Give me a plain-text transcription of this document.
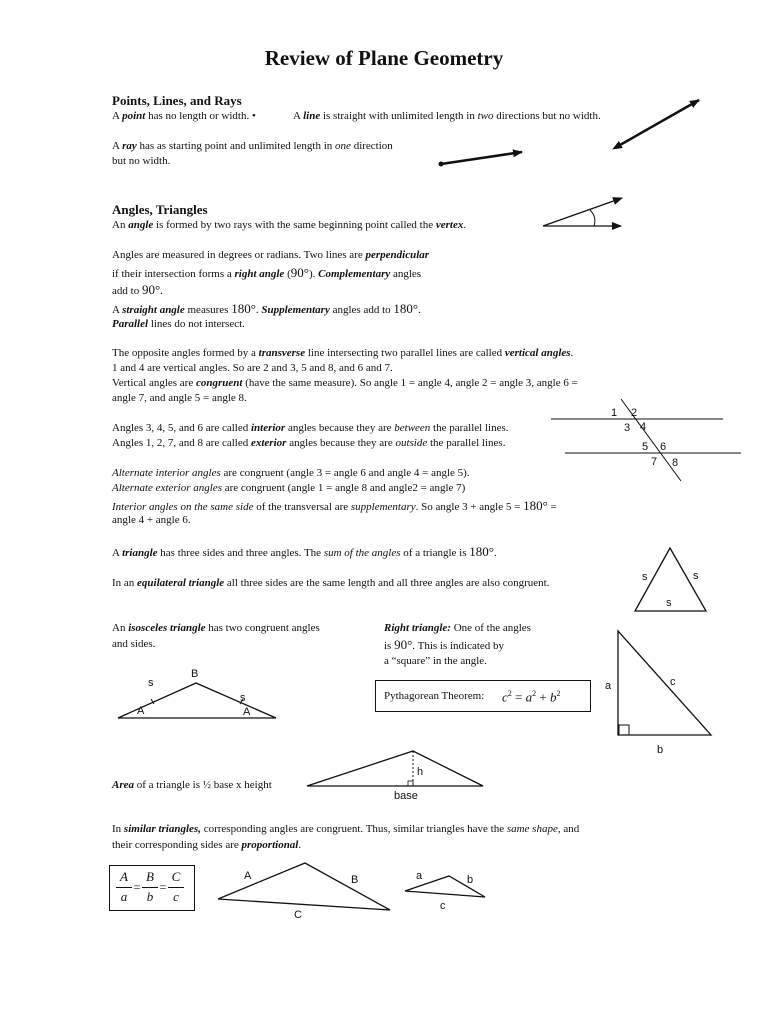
Review of Plane Geometry
Points, Lines, and Rays
A point has no length or width. •	A line is straight with unlimited length in two directions but no width.
A ray has as starting point and unlimited length in one direction
but no width.
Angles, Triangles
An angle is formed by two rays with the same beginning point called the vertex.
Angles are measured in degrees or radians. Two lines are perpendicular
if their intersection forms a right angle (90°). Complementary angles
add to 90°.
A straight angle measures 180°. Supplementary angles add to 180°.
Parallel lines do not intersect.
The opposite angles formed by a transverse line intersecting two parallel lines are called vertical angles.
1 and 4 are vertical angles. So are 2 and 3, 5 and 8, and 6 and 7.
Vertical angles are congruent (have the same measure). So angle 1 = angle 4, angle 2 = angle 3, angle 6 =
angle 7, and angle 5 = angle 8.
Angles 3, 4, 5, and 6 are called interior angles because they are between the parallel lines.
Angles 1, 2, 7, and 8 are called exterior angles because they are outside the parallel lines.
Alternate interior angles are congruent (angle 3 = angle 6 and angle 4 = angle 5).
Alternate exterior angles are congruent (angle 1 = angle 8 and angle2 = angle 7)
Interior angles on the same side of the transversal are supplementary. So angle 3 + angle 5 = 180° =
angle 4 + angle 6.
A triangle has three sides and three angles. The sum of the angles of a triangle is 180°.
In an equilateral triangle all three sides are the same length and all three angles are also congruent.
An isosceles triangle has two congruent angles
and sides.
Right triangle: One of the angles
is 90°. This is indicated by
a “square” in the angle.
Pythagorean Theorem: $c^2 = a^2 + b^2$
Area of a triangle is ½ base x height
In similar triangles, corresponding angles are congruent. Thus, similar triangles have the same shape, and
their corresponding sides are proportional.
A
a
=
B
b
=
C
c
1 2
3 4
5 6
7 8
s	s
s
B
s
s
A	A
a	c
b
h
base
A	B
C
a	b
c
